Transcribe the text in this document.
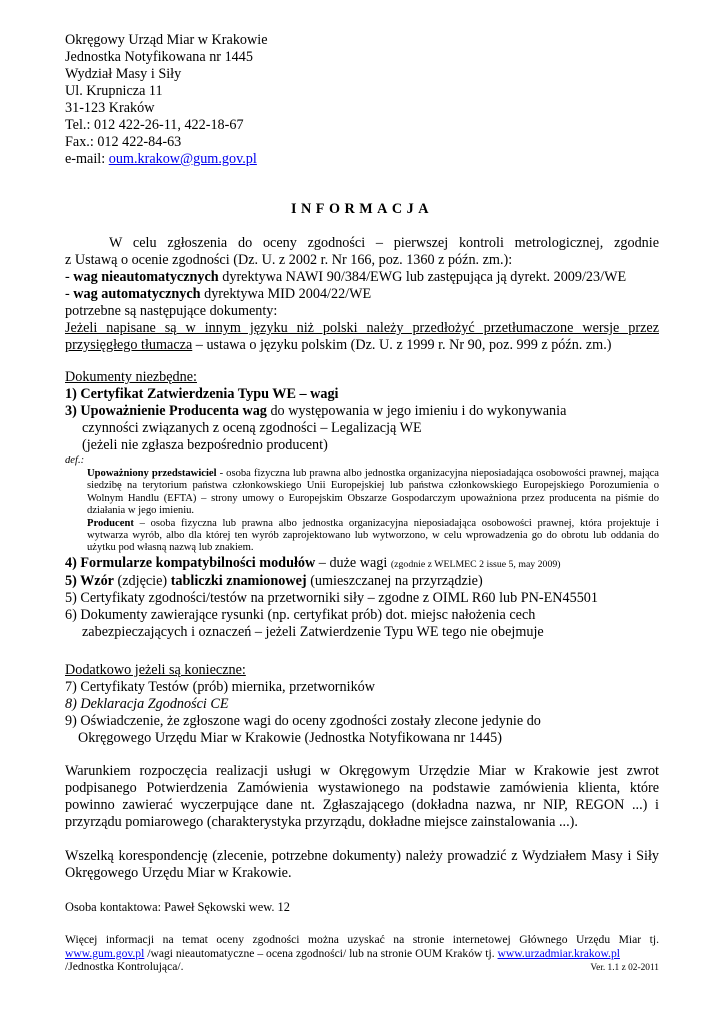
Okręgowy Urząd Miar w Krakowie
Jednostka Notyfikowana nr 1445
Wydział Masy i Siły
Ul. Krupnicza 11
31-123 Kraków
Tel.: 012 422-26-11, 422-18-67
Fax.: 012 422-84-63
e-mail: oum.krakow@gum.gov.pl
INFORMACJA
W celu zgłoszenia do oceny zgodności – pierwszej kontroli metrologicznej, zgodnie
z Ustawą o ocenie zgodności (Dz. U. z 2002 r. Nr 166, poz. 1360 z późn. zm.):
- wag nieautomatycznych dyrektywa NAWI 90/384/EWG lub zastępująca ją dyrekt. 2009/23/WE
- wag automatycznych dyrektywa MID 2004/22/WE
potrzebne są następujące dokumenty:
Jeżeli napisane są w innym języku niż polski należy przedłożyć przetłumaczone wersje przez przysięgłego tłumacza – ustawa o języku polskim (Dz. U. z 1999 r. Nr 90, poz. 999 z późn. zm.)
Dokumenty niezbędne:
1) Certyfikat Zatwierdzenia Typu WE – wagi
3) Upoważnienie Producenta wag do występowania w jego imieniu i do wykonywania
czynności związanych z oceną zgodności – Legalizacją WE
(jeżeli nie zgłasza bezpośrednio producent)
def.:
Upoważniony przedstawiciel - osoba fizyczna lub prawna albo jednostka organizacyjna nieposiadająca osobowości prawnej, mająca siedzibę na terytorium państwa członkowskiego Unii Europejskiej lub państwa członkowskiego Europejskiego Porozumienia o Wolnym Handlu (EFTA) – strony umowy o Europejskim Obszarze Gospodarczym upoważniona przez producenta na piśmie do działania w jego imieniu.
Producent – osoba fizyczna lub prawna albo jednostka organizacyjna nieposiadająca osobowości prawnej, która projektuje i wytwarza wyrób, albo dla której ten wyrób zaprojektowano lub wytworzono, w celu wprowadzenia go do obrotu lub oddania do użytku pod własną nazwą lub znakiem.
4) Formularze kompatybilności modułów – duże wagi (zgodnie z WELMEC 2 issue 5, may 2009)
5) Wzór (zdjęcie) tabliczki znamionowej (umieszczanej na przyrządzie)
5) Certyfikaty zgodności/testów na przetworniki siły – zgodne z OIML R60 lub PN-EN45501
6) Dokumenty zawierające rysunki (np. certyfikat prób) dot. miejsc nałożenia cech
zabezpieczających i oznaczeń – jeżeli Zatwierdzenie Typu WE tego nie obejmuje
Dodatkowo jeżeli są konieczne:
7) Certyfikaty Testów (prób) miernika, przetworników
8) Deklaracja Zgodności CE
9) Oświadczenie, że zgłoszone wagi do oceny zgodności zostały zlecone jedynie do
Okręgowego Urzędu Miar w Krakowie (Jednostka Notyfikowana nr 1445)
Warunkiem rozpoczęcia realizacji usługi w Okręgowym Urzędzie Miar w Krakowie jest zwrot podpisanego Potwierdzenia Zamówienia wystawionego na podstawie zamówienia klienta, które powinno zawierać wyczerpujące dane nt. Zgłaszającego (dokładna nazwa, nr NIP, REGON ...) i przyrządu pomiarowego (charakterystyka przyrządu, dokładne miejsce zainstalowania ...).
Wszelką korespondencję (zlecenie, potrzebne dokumenty) należy prowadzić z Wydziałem Masy i Siły Okręgowego Urzędu Miar w Krakowie.
Osoba kontaktowa: Paweł Sękowski wew. 12
Więcej informacji na temat oceny zgodności można uzyskać na stronie internetowej Głównego Urzędu Miar tj.
www.gum.gov.pl /wagi nieautomatyczne – ocena zgodności/ lub na stronie OUM Kraków tj. www.urzadmiar.krakow.pl
/Jednostka Kontrolująca/.	Ver. 1.1 z 02-2011
